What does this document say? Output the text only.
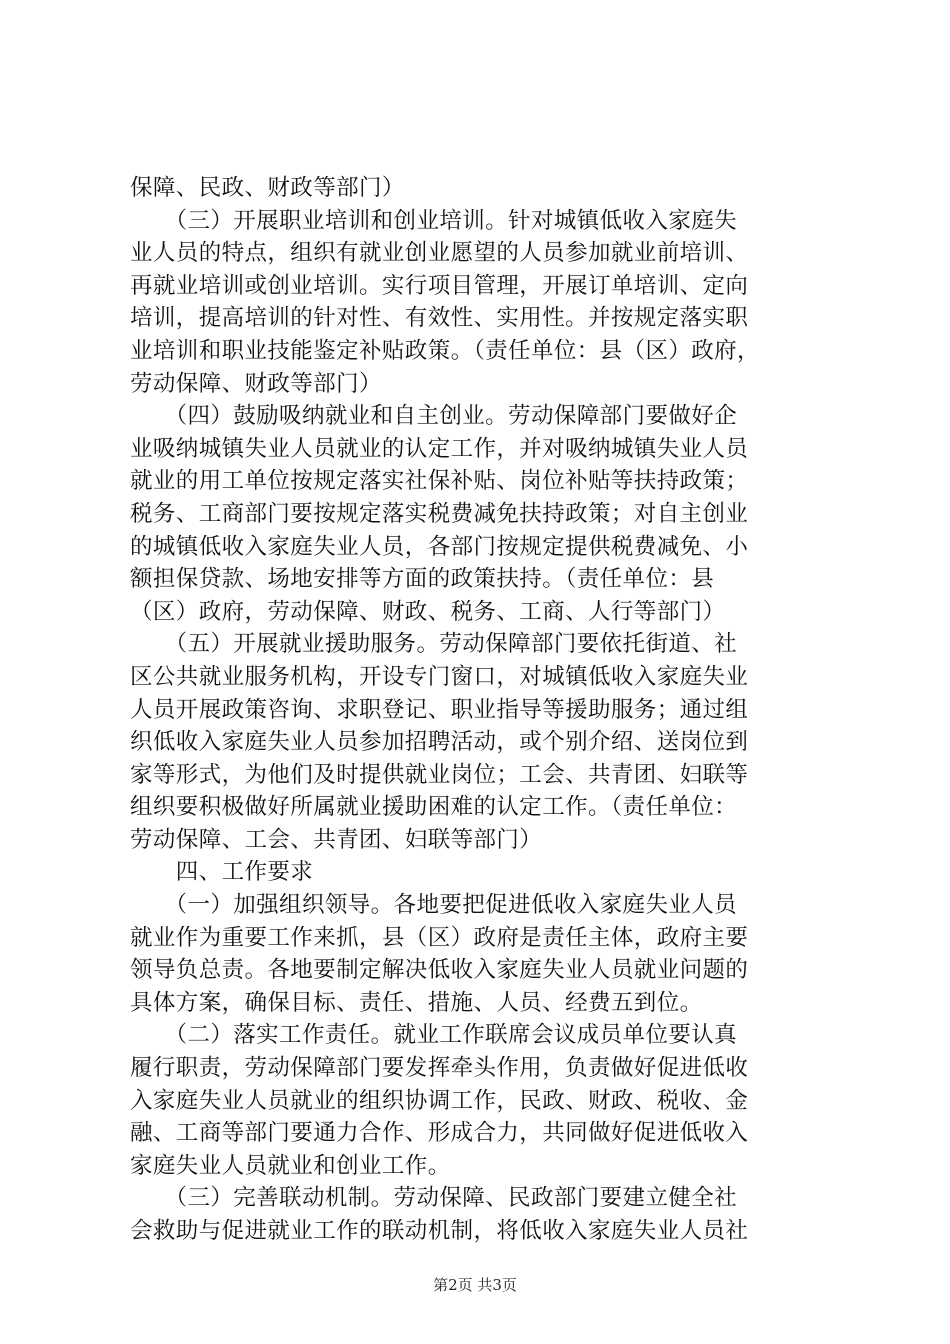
保障、民政、财政等部门）
　　（三）开展职业培训和创业培训。针对城镇低收入家庭失
业人员的特点，组织有就业创业愿望的人员参加就业前培训、
再就业培训或创业培训。实行项目管理，开展订单培训、定向
培训，提高培训的针对性、有效性、实用性。并按规定落实职
业培训和职业技能鉴定补贴政策。（责任单位：县（区）政府，
劳动保障、财政等部门）
　　（四）鼓励吸纳就业和自主创业。劳动保障部门要做好企
业吸纳城镇失业人员就业的认定工作，并对吸纳城镇失业人员
就业的用工单位按规定落实社保补贴、岗位补贴等扶持政策；
税务、工商部门要按规定落实税费减免扶持政策；对自主创业
的城镇低收入家庭失业人员，各部门按规定提供税费减免、小
额担保贷款、场地安排等方面的政策扶持。（责任单位：县
（区）政府，劳动保障、财政、税务、工商、人行等部门）
　　（五）开展就业援助服务。劳动保障部门要依托街道、社
区公共就业服务机构，开设专门窗口，对城镇低收入家庭失业
人员开展政策咨询、求职登记、职业指导等援助服务；通过组
织低收入家庭失业人员参加招聘活动，或个别介绍、送岗位到
家等形式，为他们及时提供就业岗位；工会、共青团、妇联等
组织要积极做好所属就业援助困难的认定工作。（责任单位：
劳动保障、工会、共青团、妇联等部门）
　　四、工作要求
　　（一）加强组织领导。各地要把促进低收入家庭失业人员
就业作为重要工作来抓，县（区）政府是责任主体，政府主要
领导负总责。各地要制定解决低收入家庭失业人员就业问题的
具体方案，确保目标、责任、措施、人员、经费五到位。
　　（二）落实工作责任。就业工作联席会议成员单位要认真
履行职责，劳动保障部门要发挥牵头作用，负责做好促进低收
入家庭失业人员就业的组织协调工作，民政、财政、税收、金
融、工商等部门要通力合作、形成合力，共同做好促进低收入
家庭失业人员就业和创业工作。
　　（三）完善联动机制。劳动保障、民政部门要建立健全社
会救助与促进就业工作的联动机制，将低收入家庭失业人员社
第2页 共3页
